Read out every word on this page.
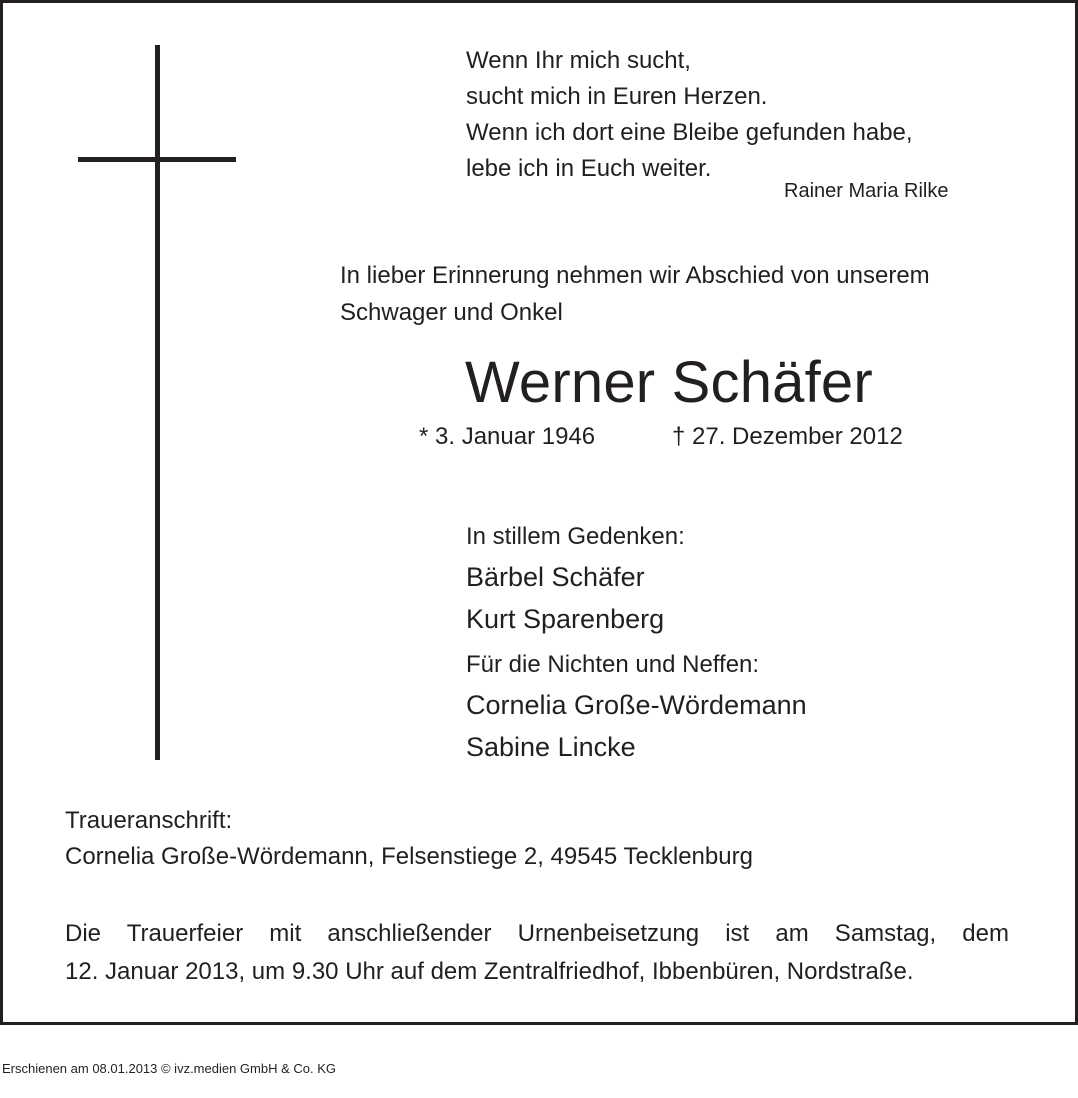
Wenn Ihr mich sucht,
sucht mich in Euren Herzen.
Wenn ich dort eine Bleibe gefunden habe,
lebe ich in Euch weiter.
Rainer Maria Rilke
In lieber Erinnerung nehmen wir Abschied von unserem
Schwager und Onkel
Werner Schäfer
* 3. Januar 1946	† 27. Dezember 2012
In stillem Gedenken:
Bärbel Schäfer
Kurt Sparenberg
Für die Nichten und Neffen:
Cornelia Große-Wördemann
Sabine Lincke
Traueranschrift:
Cornelia Große-Wördemann, Felsenstiege 2, 49545 Tecklenburg
Die Trauerfeier mit anschließender Urnenbeisetzung ist am Samstag, dem
12. Januar 2013, um 9.30 Uhr auf dem Zentralfriedhof, Ibbenbüren, Nordstraße.
Erschienen am 08.01.2013 © ivz.medien GmbH & Co. KG
